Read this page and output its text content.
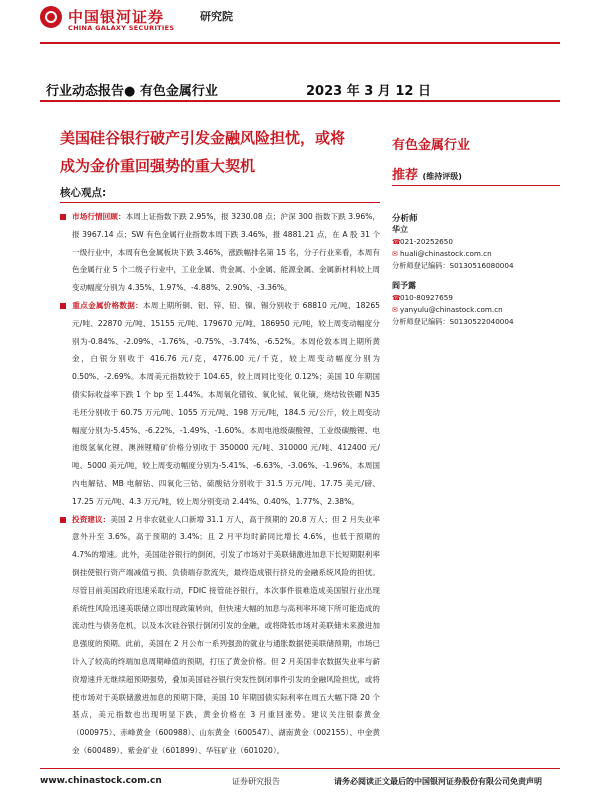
中国银河证券
CHINA GALAXY SECURITIES
研究院
行业动态报告● 有色金属行业	2023 年 3 月 12 日
美国硅谷银行破产引发金融风险担忧，或将
成为金价重回强势的重大契机
核心观点:

市场行情回顾：本周上证指数下跌 2.95%，报 3230.08 点；沪深 300 指数下跌 3.96%，报 3967.14 点；SW 有色金属行业指数本周下跌 3.46%，报 4881.21 点，在 A 股 31 个一级行业中，本周有色金属板块下跌 3.46%，涨跌幅排名第 15 名，分子行业来看，本周有色金属行业 5 个二级子行业中，工业金属、贵金属、小金属、能源金属、金属新材料较上周变动幅度分别为 4.35%、1.97%、-4.88%、2.90%、-3.36%。

重点金属价格数据：本周上期所铜、铝、锌、铅、镍、锡分别收于 68810 元/吨、18265 元/吨、22870 元/吨、15155 元/吨、179670 元/吨、186950 元/吨，较上周变动幅度分别为-0.84%、-2.09%、-1.76%、-0.75%、-3.74%、-6.52%。本周伦敦本周上期所黄金，白银分别收于 416.76 元/克，4776.00 元/千克，较上周变动幅度分别为 0.50%、-2.69%。本周美元指数较于 104.65，较上周同比变化 0.12%；美国 10 年期国债实际收益率下跌 1 个 bp 至 1.44%。本周氧化镨钕、氧化铽、氧化镝，烧结钕铁硼 N35 毛坯分别收于 60.75 万元/吨、1055 万元/吨、198 万元/吨，184.5 元/公斤，较上周变动幅度分别为-5.45%、-6.22%、-1.49%、-1.60%。本周电池级碳酸锂、工业级碳酸锂、电池级氢氧化锂、澳洲锂精矿价格分别收于 350000 元/吨、310000 元/吨、412400 元/吨、5000 美元/吨，较上周变动幅度分别为-5.41%、-6.63%、-3.06%、-1.96%。本周国内电解钴、MB 电解钴、四氧化三钴、硫酸钴分别收于 31.5 万元/吨、17.75 美元/磅、17.25 万元/吨、4.3 万元/吨，较上周分别变动 2.44%、0.40%、1.77%、2.38%。

投资建议：美国 2 月非农就业人口新增 31.1 万人，高于预期的 20.8 万人；但 2 月失业率意外升至 3.6%，高于预期的 3.4%；且 2 月平均时薪同比增长 4.6%，也低于预期的 4.7%的增速。此外，美国硅谷银行的倒闭，引发了市场对于美联储激进加息下长短期限利率倒挂使银行资产端减值亏损、负债端存款流失，最终造成银行挤兑的金融系统风险的担忧。尽管目前美国政府迅速采取行动，FDIC 接管硅谷银行，本次事件很难造成美国银行业出现系统性风险迅速美联储立即出现政策转向，但快速大幅的加息与高利率环境下所可能造成的流动性与债务危机，以及本次硅谷银行倒闭引发的金融，或将降低市场对美联储未来激进加息强度的预期。此前，美国在 2 月公布一系列强劲的就业与通胀数据使美联储预期，市场已计入了较高的终端加息周期峰值的预期，打压了黄金价格。但 2 月美国非农数据失业率与薪资增速并无继续超预期强势，叠加美国硅谷银行突发性倒闭事件引发的金融风险担忧，或将使市场对于美联储激进加息的预期下降，美国 10 年期国债实际利率在周五大幅下降 20 个基点，美元指数也出现明显下跌，黄金价格在 3 月重回涨势。建议关注银泰黄金（000975）、赤峰黄金（600988）、山东黄金（600547）、湖南黄金（002155）、中金黄金（600489）、紫金矿业（601899）、华钰矿业（601020）。

有色金属行业
推荐 (维持评级)
分析师
华立
☎021-20252650
✉ huali@chinastock.com.cn
分析师登记编码：S0130516080004
阎予露
☎010-80927659
✉ yanyulu@chinastock.com.cn
分析师登记编码：S0130522040004
www.chinastock.com.cn	证券研究报告	请务必阅读正文最后的中国银河证券股份有限公司免责声明
